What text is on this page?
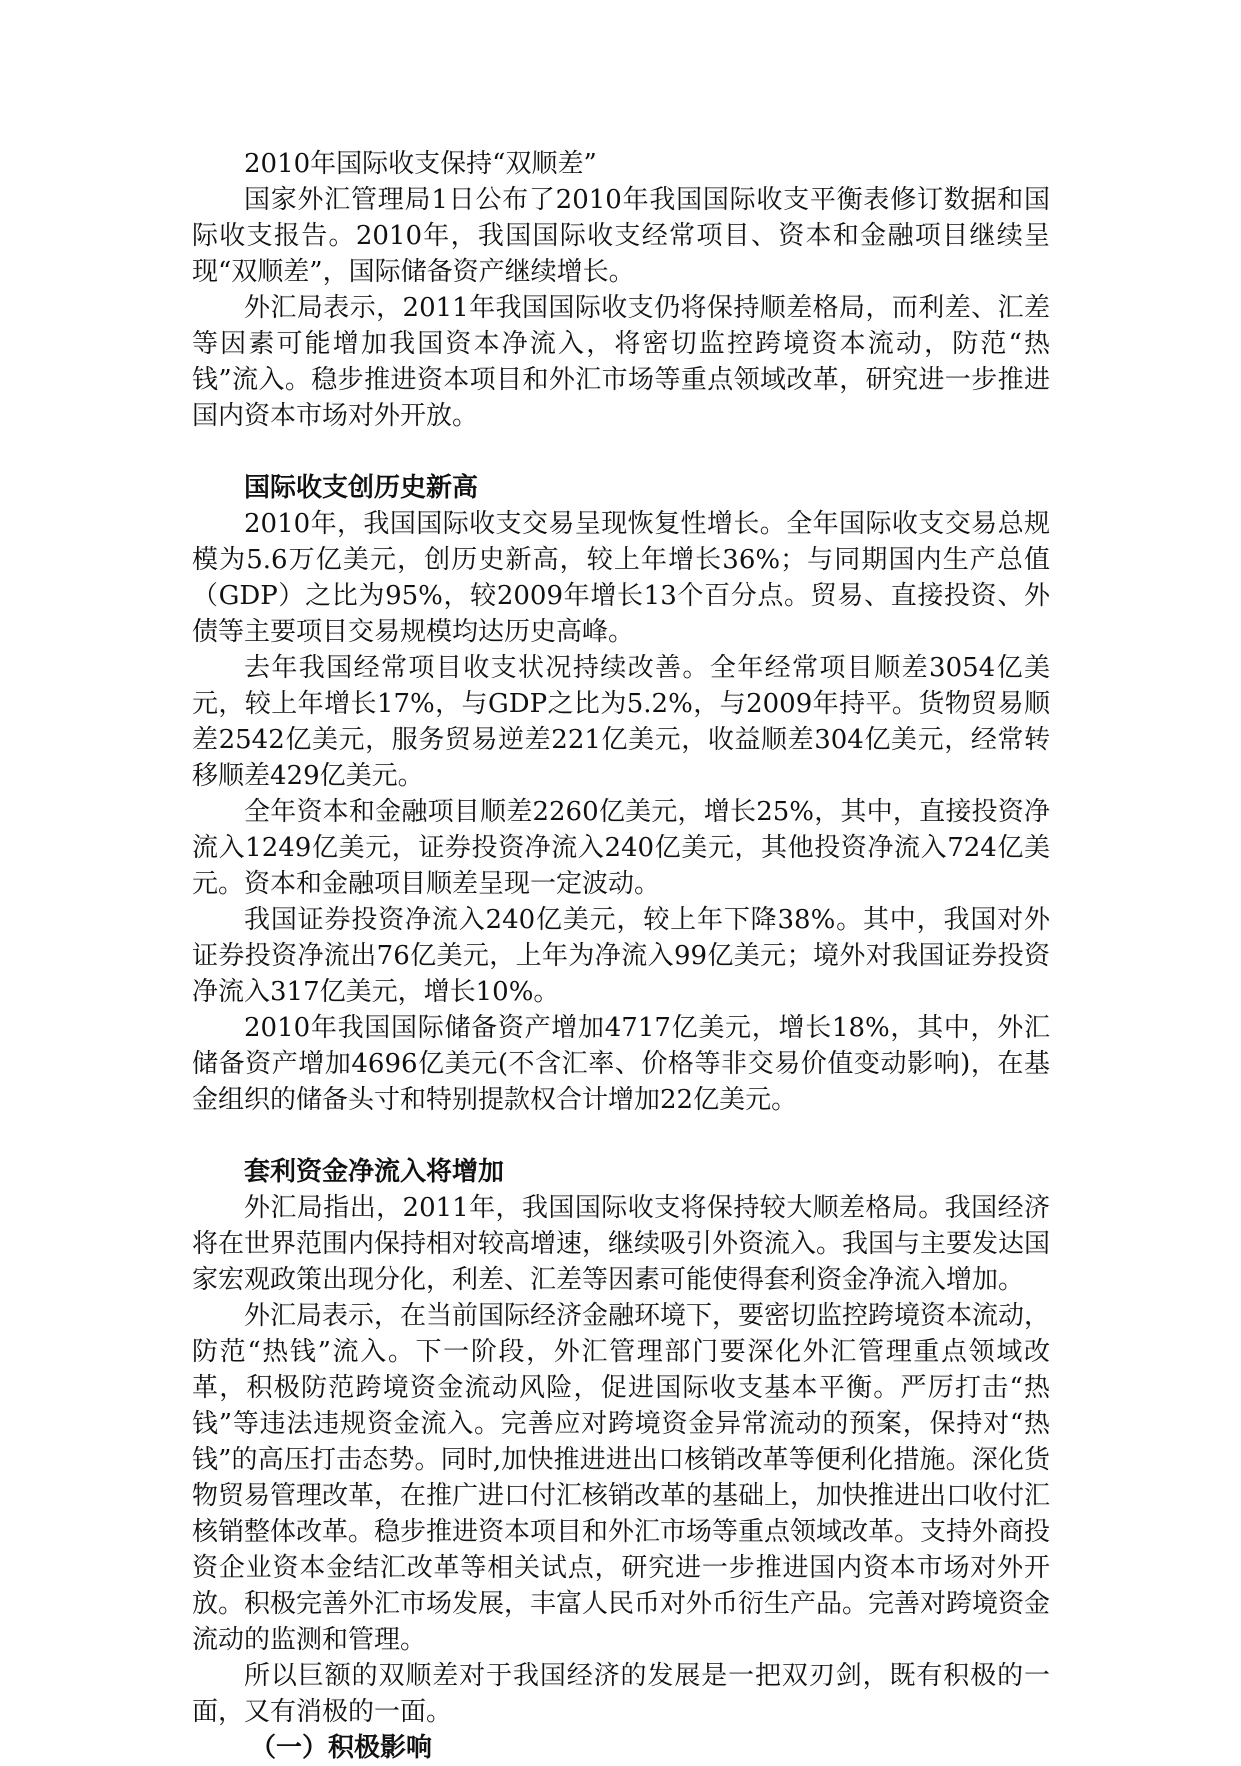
2010年国际收支保持“双顺差”

国家外汇管理局1日公布了2010年我国国际收支平衡表修订数据和国际收支报告。2010年，我国国际收支经常项目、资本和金融项目继续呈现“双顺差”，国际储备资产继续增长。

外汇局表示，2011年我国国际收支仍将保持顺差格局，而利差、汇差等因素可能增加我国资本净流入，将密切监控跨境资本流动，防范“热钱”流入。稳步推进资本项目和外汇市场等重点领域改革，研究进一步推进国内资本市场对外开放。

国际收支创历史新高

2010年，我国国际收支交易呈现恢复性增长。全年国际收支交易总规模为5.6万亿美元，创历史新高，较上年增长36%；与同期国内生产总值（GDP）之比为95%，较2009年增长13个百分点。贸易、直接投资、外债等主要项目交易规模均达历史高峰。

去年我国经常项目收支状况持续改善。全年经常项目顺差3054亿美元，较上年增长17%，与GDP之比为5.2%，与2009年持平。货物贸易顺差2542亿美元，服务贸易逆差221亿美元，收益顺差304亿美元，经常转移顺差429亿美元。

全年资本和金融项目顺差2260亿美元，增长25%，其中，直接投资净流入1249亿美元，证券投资净流入240亿美元，其他投资净流入724亿美元。资本和金融项目顺差呈现一定波动。

我国证券投资净流入240亿美元，较上年下降38%。其中，我国对外证券投资净流出76亿美元，上年为净流入99亿美元；境外对我国证券投资净流入317亿美元，增长10%。

2010年我国国际储备资产增加4717亿美元，增长18%，其中，外汇储备资产增加4696亿美元(不含汇率、价格等非交易价值变动影响)，在基金组织的储备头寸和特别提款权合计增加22亿美元。

套利资金净流入将增加

外汇局指出，2011年，我国国际收支将保持较大顺差格局。我国经济将在世界范围内保持相对较高增速，继续吸引外资流入。我国与主要发达国家宏观政策出现分化，利差、汇差等因素可能使得套利资金净流入增加。

外汇局表示，在当前国际经济金融环境下，要密切监控跨境资本流动，防范“热钱”流入。下一阶段，外汇管理部门要深化外汇管理重点领域改革，积极防范跨境资金流动风险，促进国际收支基本平衡。严厉打击“热钱”等违法违规资金流入。完善应对跨境资金异常流动的预案，保持对“热钱”的高压打击态势。同时,加快推进进出口核销改革等便利化措施。深化货物贸易管理改革，在推广进口付汇核销改革的基础上，加快推进出口收付汇核销整体改革。稳步推进资本项目和外汇市场等重点领域改革。支持外商投资企业资本金结汇改革等相关试点，研究进一步推进国内资本市场对外开放。积极完善外汇市场发展，丰富人民币对外币衍生产品。完善对跨境资金流动的监测和管理。

所以巨额的双顺差对于我国经济的发展是一把双刃剑，既有积极的一面，又有消极的一面。

（一）积极影响
